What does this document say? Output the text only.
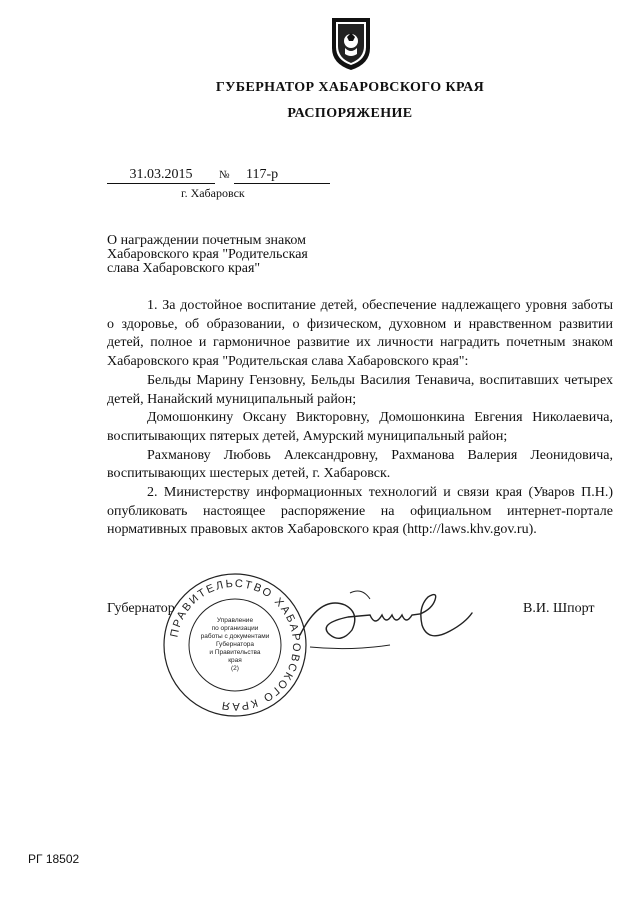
ГУБЕРНАТОР ХАБАРОВСКОГО КРАЯ
РАСПОРЯЖЕНИЕ
31.03.2015	№	117-р
г. Хабаровск
О награждении почетным знаком
Хабаровского края "Родительская
слава Хабаровского края"

1. За достойное воспитание детей, обеспечение надлежащего уровня заботы о здоровье, об образовании, о физическом, духовном и нравственном развитии детей, полное и гармоничное развитие их личности наградить почетным знаком Хабаровского края "Родительская слава Хабаровского края":

Бельды Марину Гензовну, Бельды Василия Тенавича, воспитавших четырех детей, Нанайский муниципальный район;

Домошонкину Оксану Викторовну, Домошонкина Евгения Николаевича, воспитывающих пятерых детей, Амурский муниципальный район;

Рахманову Любовь Александровну, Рахманова Валерия Леонидовича, воспитывающих шестерых детей, г. Хабаровск.

2. Министерству информационных технологий и связи края (Уваров П.Н.) опубликовать настоящее распоряжение на официальном интернет-портале нормативных правовых актов Хабаровского края (http://laws.khv.gov.ru).

ПРАВИТЕЛЬСТВО ХАБАРОВСКОГО КРАЯ
Управление
по организации
работы с документами
Губернатора
и Правительства
края
(2)
Губернатор	В.И. Шпорт
РГ 18502
